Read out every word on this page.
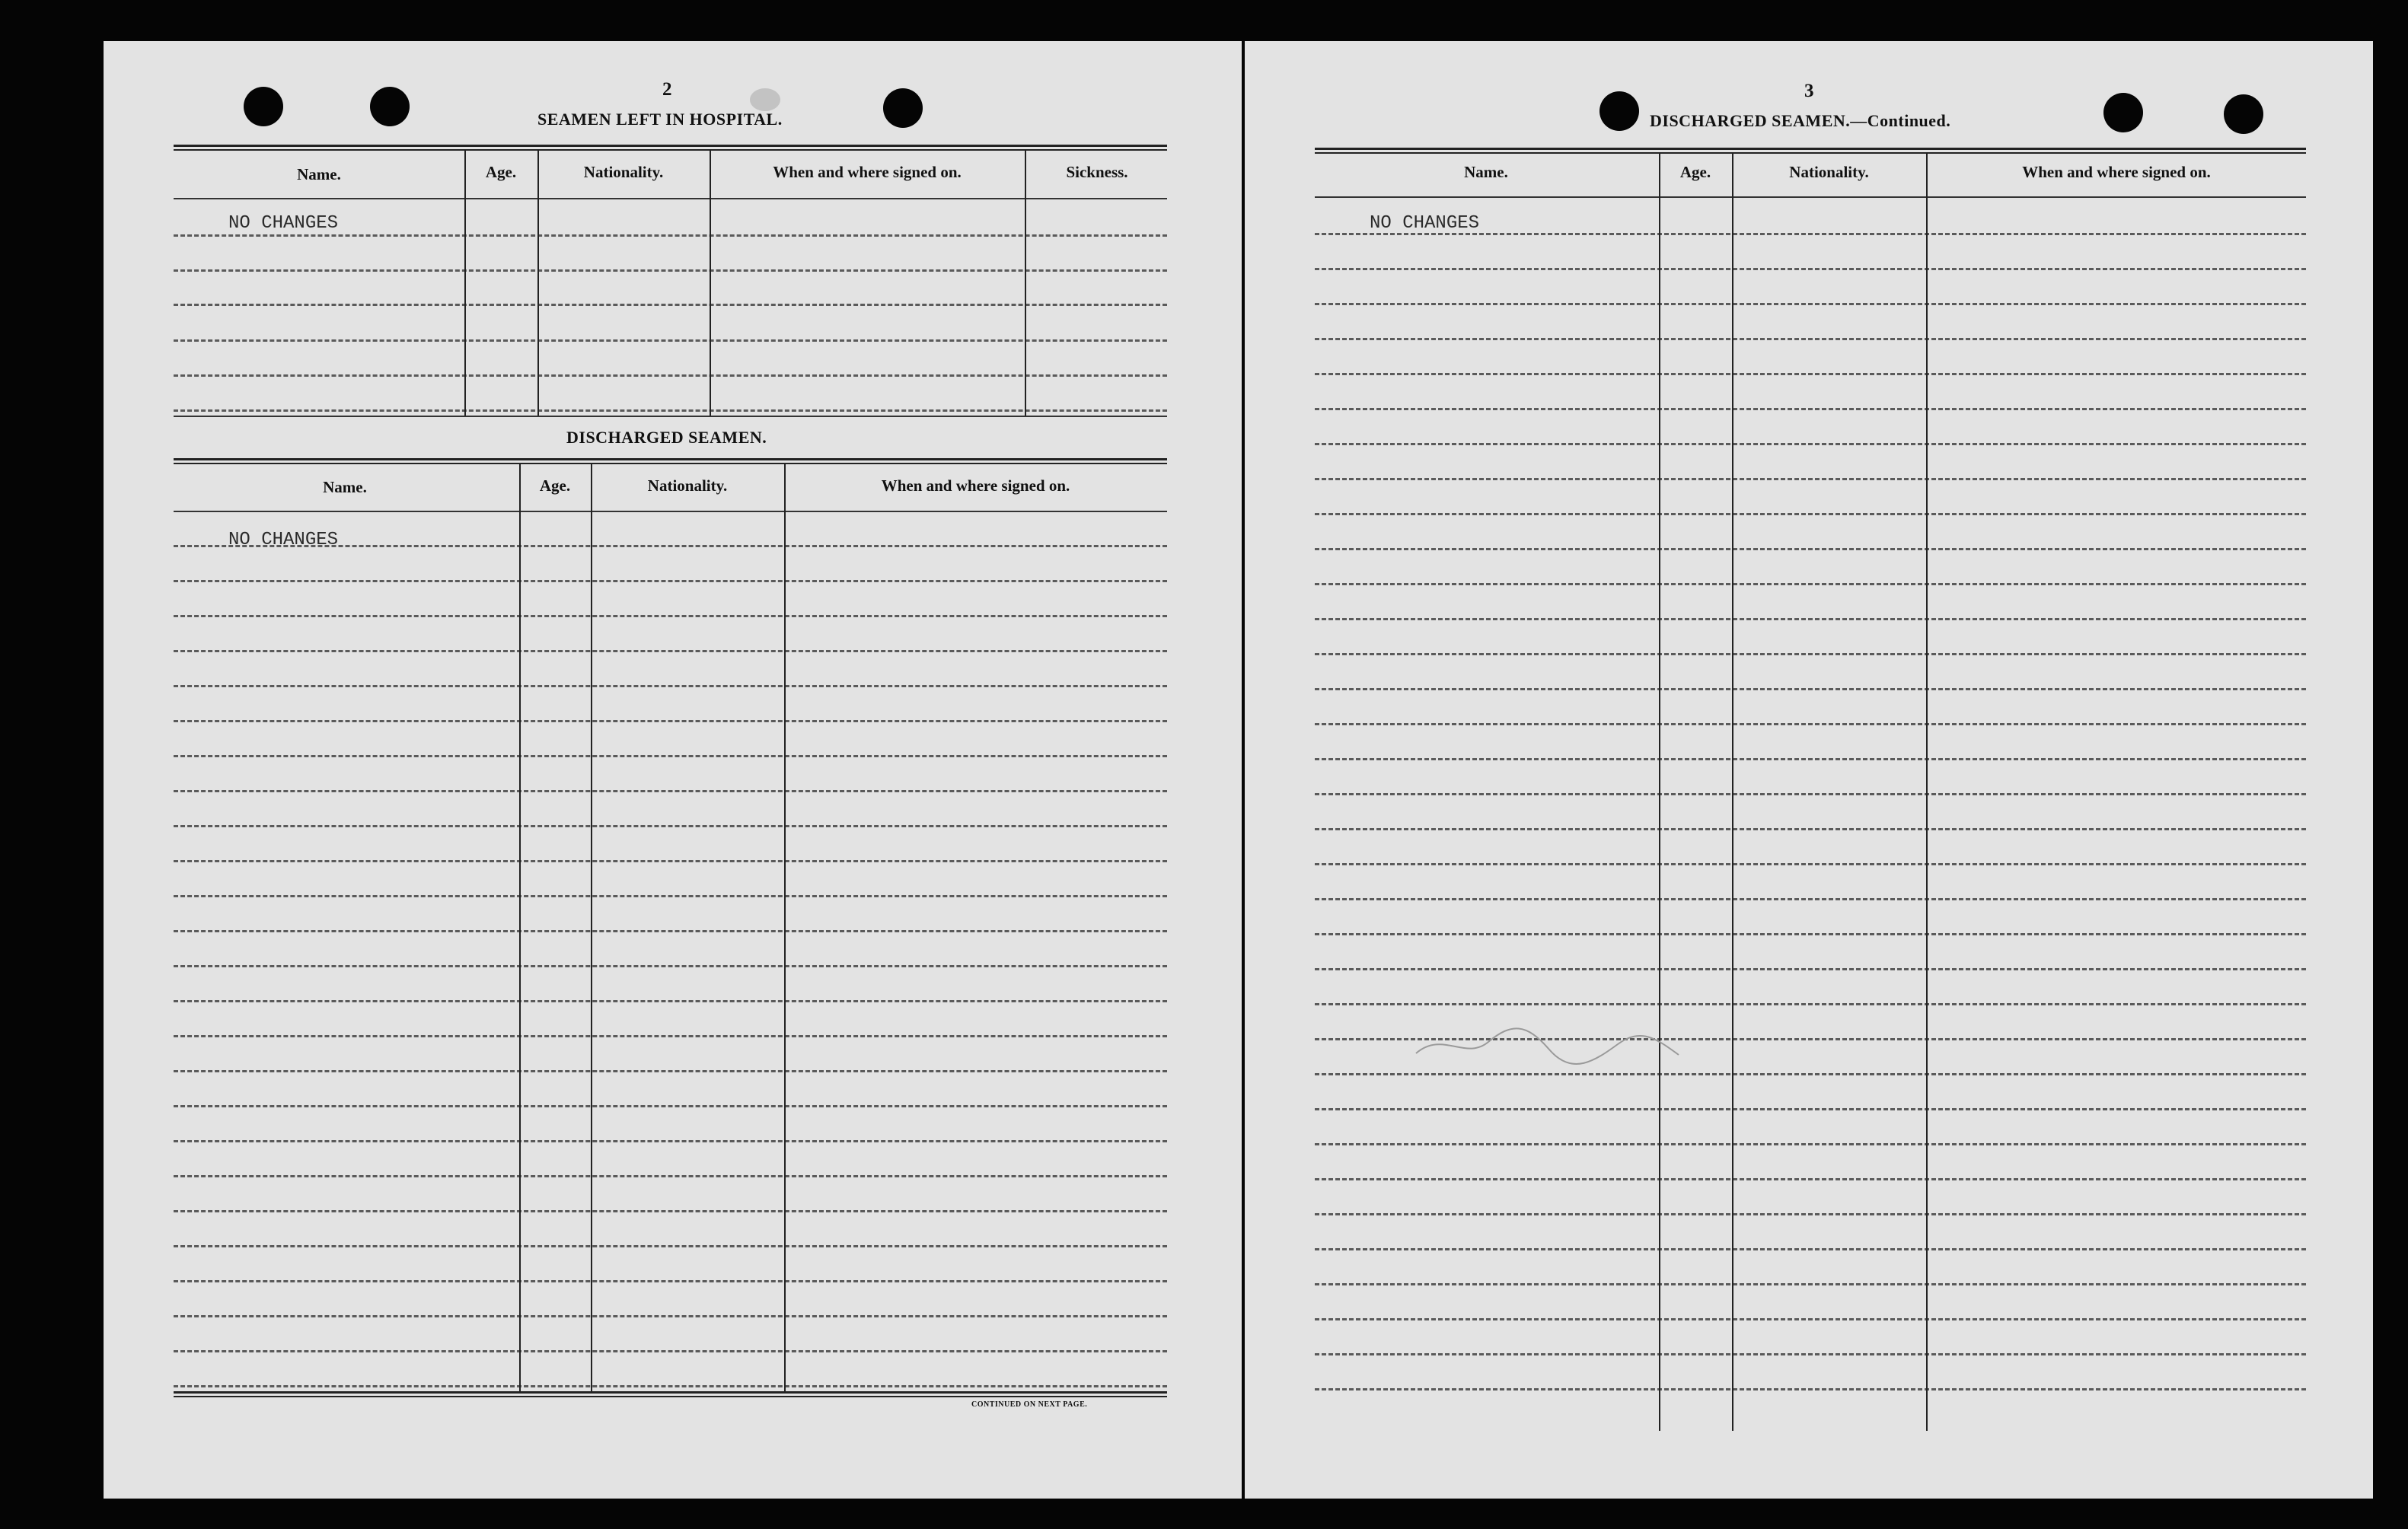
2
SEAMEN LEFT IN HOSPITAL.
Name.	Age.	Nationality.	When and where signed on.	Sickness.
NO CHANGES
DISCHARGED SEAMEN.
Name.	Age.	Nationality.	When and where signed on.
NO CHANGES
CONTINUED ON NEXT PAGE.
3
DISCHARGED SEAMEN.—Continued.
Name.	Age.	Nationality.	When and where signed on.
NO CHANGES
